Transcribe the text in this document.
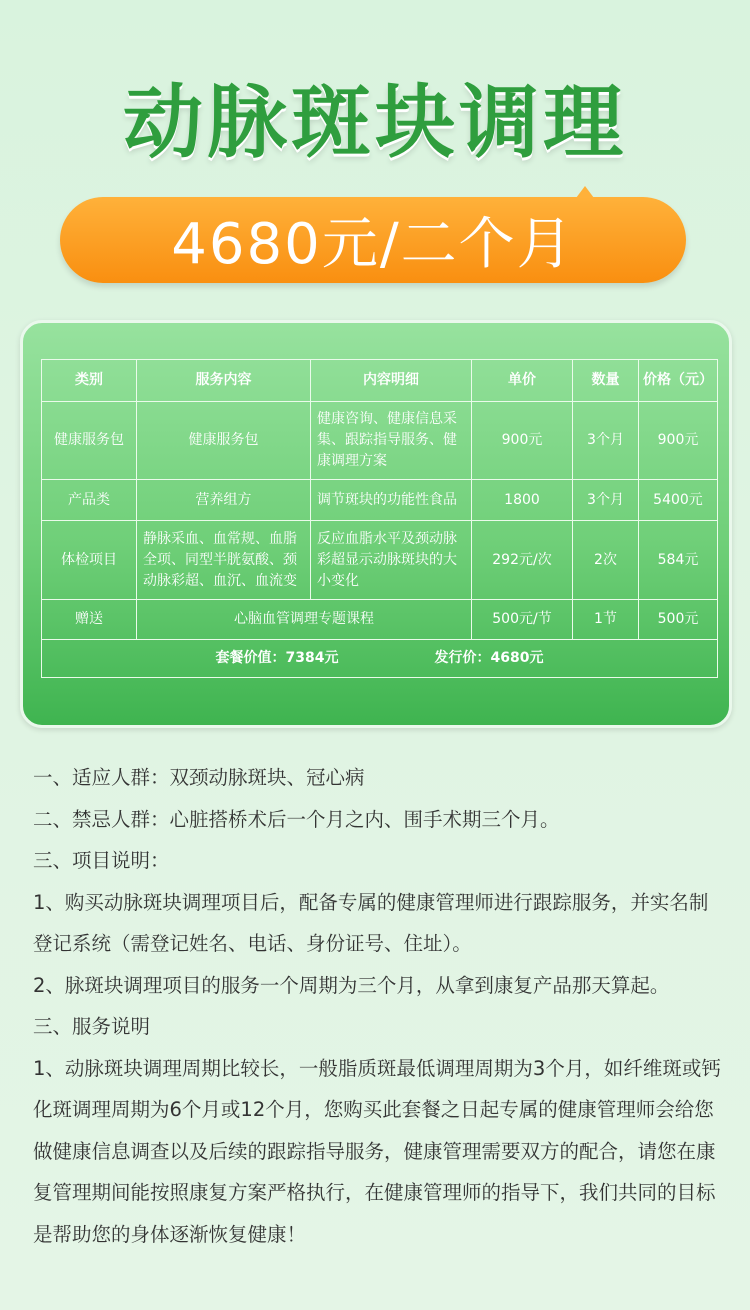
动脉斑块调理
4680元/二个月
类别	服务内容	内容明细	单价	数量	价格（元）
健康服务包	健康服务包	健康咨询、健康信息采集、跟踪指导服务、健康调理方案	900元	3个月	900元
产品类	营养组方	调节斑块的功能性食品	1800	3个月	5400元
体检项目	静脉采血、血常规、血脂全项、同型半胱氨酸、颈动脉彩超、血沉、血流变	反应血脂水平及颈动脉彩超显示动脉斑块的大小变化	292元/次	2次	584元
赠送	心脑血管调理专题课程		500元/节	1节	500元

套餐价值：7384元 发行价：4680元					

一、适应人群：双颈动脉斑块、冠心病

二、禁忌人群：心脏搭桥术后一个月之内、围手术期三个月。

三、项目说明：

1、购买动脉斑块调理项目后，配备专属的健康管理师进行跟踪服务，并实名制登记系统（需登记姓名、电话、身份证号、住址）。

2、脉斑块调理项目的服务一个周期为三个月，从拿到康复产品那天算起。

三、服务说明

1、动脉斑块调理周期比较长，一般脂质斑最低调理周期为3个月，如纤维斑或钙化斑调理周期为6个月或12个月，您购买此套餐之日起专属的健康管理师会给您做健康信息调查以及后续的跟踪指导服务，健康管理需要双方的配合，请您在康复管理期间能按照康复方案严格执行，在健康管理师的指导下，我们共同的目标是帮助您的身体逐渐恢复健康！
